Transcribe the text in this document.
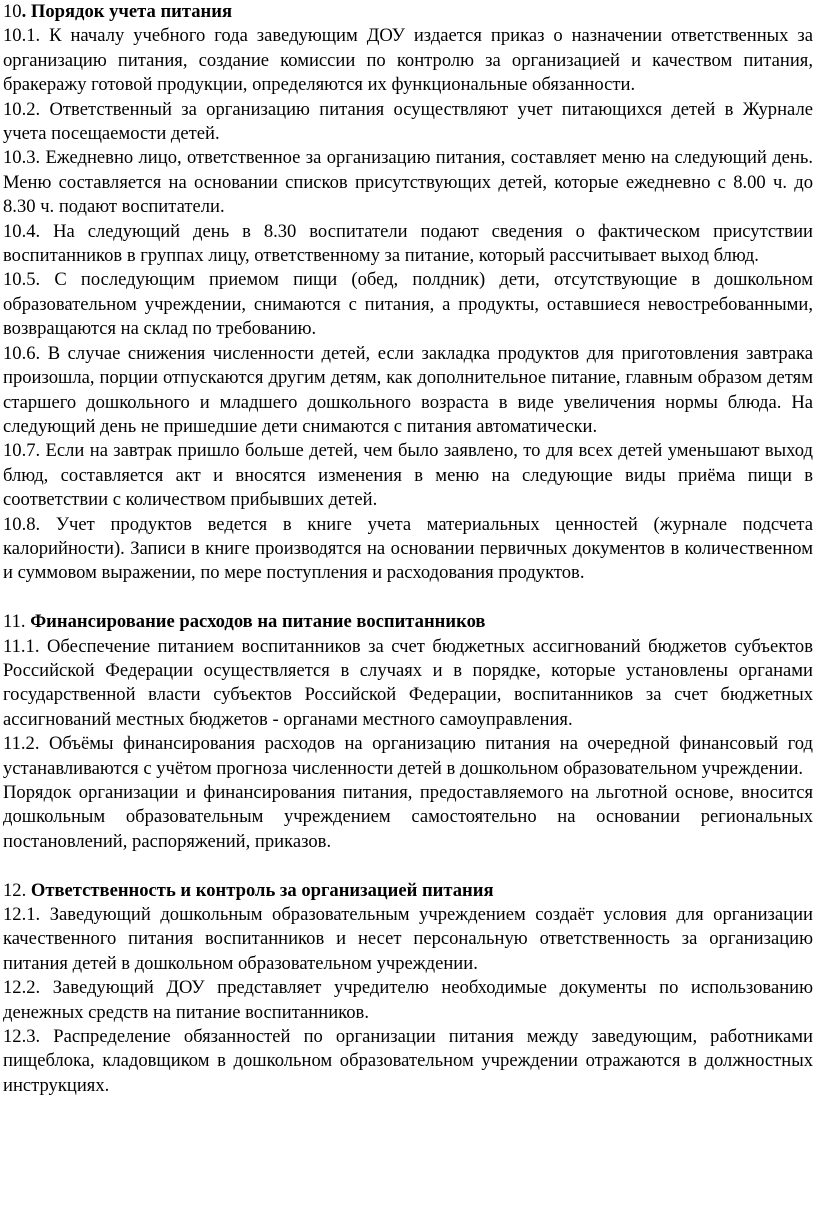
10. Порядок учета питания

10.1. К началу учебного года заведующим ДОУ издается приказ о назначении ответственных за организацию питания, создание комиссии по контролю за организацией и качеством питания, бракеражу готовой продукции, определяются их функциональные обязанности.

10.2. Ответственный за организацию питания осуществляют учет питающихся детей в Журнале учета посещаемости детей.

10.3. Ежедневно лицо, ответственное за организацию питания, составляет меню на следующий день. Меню составляется на основании списков присутствующих детей, которые ежедневно с 8.00 ч. до 8.30 ч. подают воспитатели.

10.4. На следующий день в 8.30 воспитатели подают сведения о фактическом присутствии воспитанников в группах лицу, ответственному за питание, который рассчитывает выход блюд.

10.5. С последующим приемом пищи (обед, полдник) дети, отсутствующие в дошкольном образовательном учреждении, снимаются с питания, а продукты, оставшиеся невостребованными, возвращаются на склад по требованию.

10.6. В случае снижения численности детей, если закладка продуктов для приготовления завтрака произошла, порции отпускаются другим детям, как дополнительное питание, главным образом детям старшего дошкольного и младшего дошкольного возраста в виде увеличения нормы блюда. На следующий день не пришедшие дети снимаются с питания автоматически.

10.7. Если на завтрак пришло больше детей, чем было заявлено, то для всех детей уменьшают выход блюд, составляется акт и вносятся изменения в меню на следующие виды приёма пищи в соответствии с количеством прибывших детей.

10.8. Учет продуктов ведется в книге учета материальных ценностей (журнале подсчета калорийности). Записи в книге производятся на основании первичных документов в количественном и суммовом выражении, по мере поступления и расходования продуктов.

11. Финансирование расходов на питание воспитанников

11.1. Обеспечение питанием воспитанников за счет бюджетных ассигнований бюджетов субъектов Российской Федерации осуществляется в случаях и в порядке, которые установлены органами государственной власти субъектов Российской Федерации, воспитанников за счет бюджетных ассигнований местных бюджетов - органами местного самоуправления.

11.2. Объёмы финансирования расходов на организацию питания на очередной финансовый год устанавливаются с учётом прогноза численности детей в дошкольном образовательном учреждении.

Порядок организации и финансирования питания, предоставляемого на льготной основе, вносится дошкольным образовательным учреждением самостоятельно на основании региональных постановлений, распоряжений, приказов.

12. Ответственность и контроль за организацией питания

12.1. Заведующий дошкольным образовательным учреждением создаёт условия для организации качественного питания воспитанников и несет персональную ответственность за организацию питания детей в дошкольном образовательном учреждении.

12.2. Заведующий ДОУ представляет учредителю необходимые документы по использованию денежных средств на питание воспитанников.

12.3. Распределение обязанностей по организации питания между заведующим, работниками пищеблока, кладовщиком в дошкольном образовательном учреждении отражаются в должностных инструкциях.
